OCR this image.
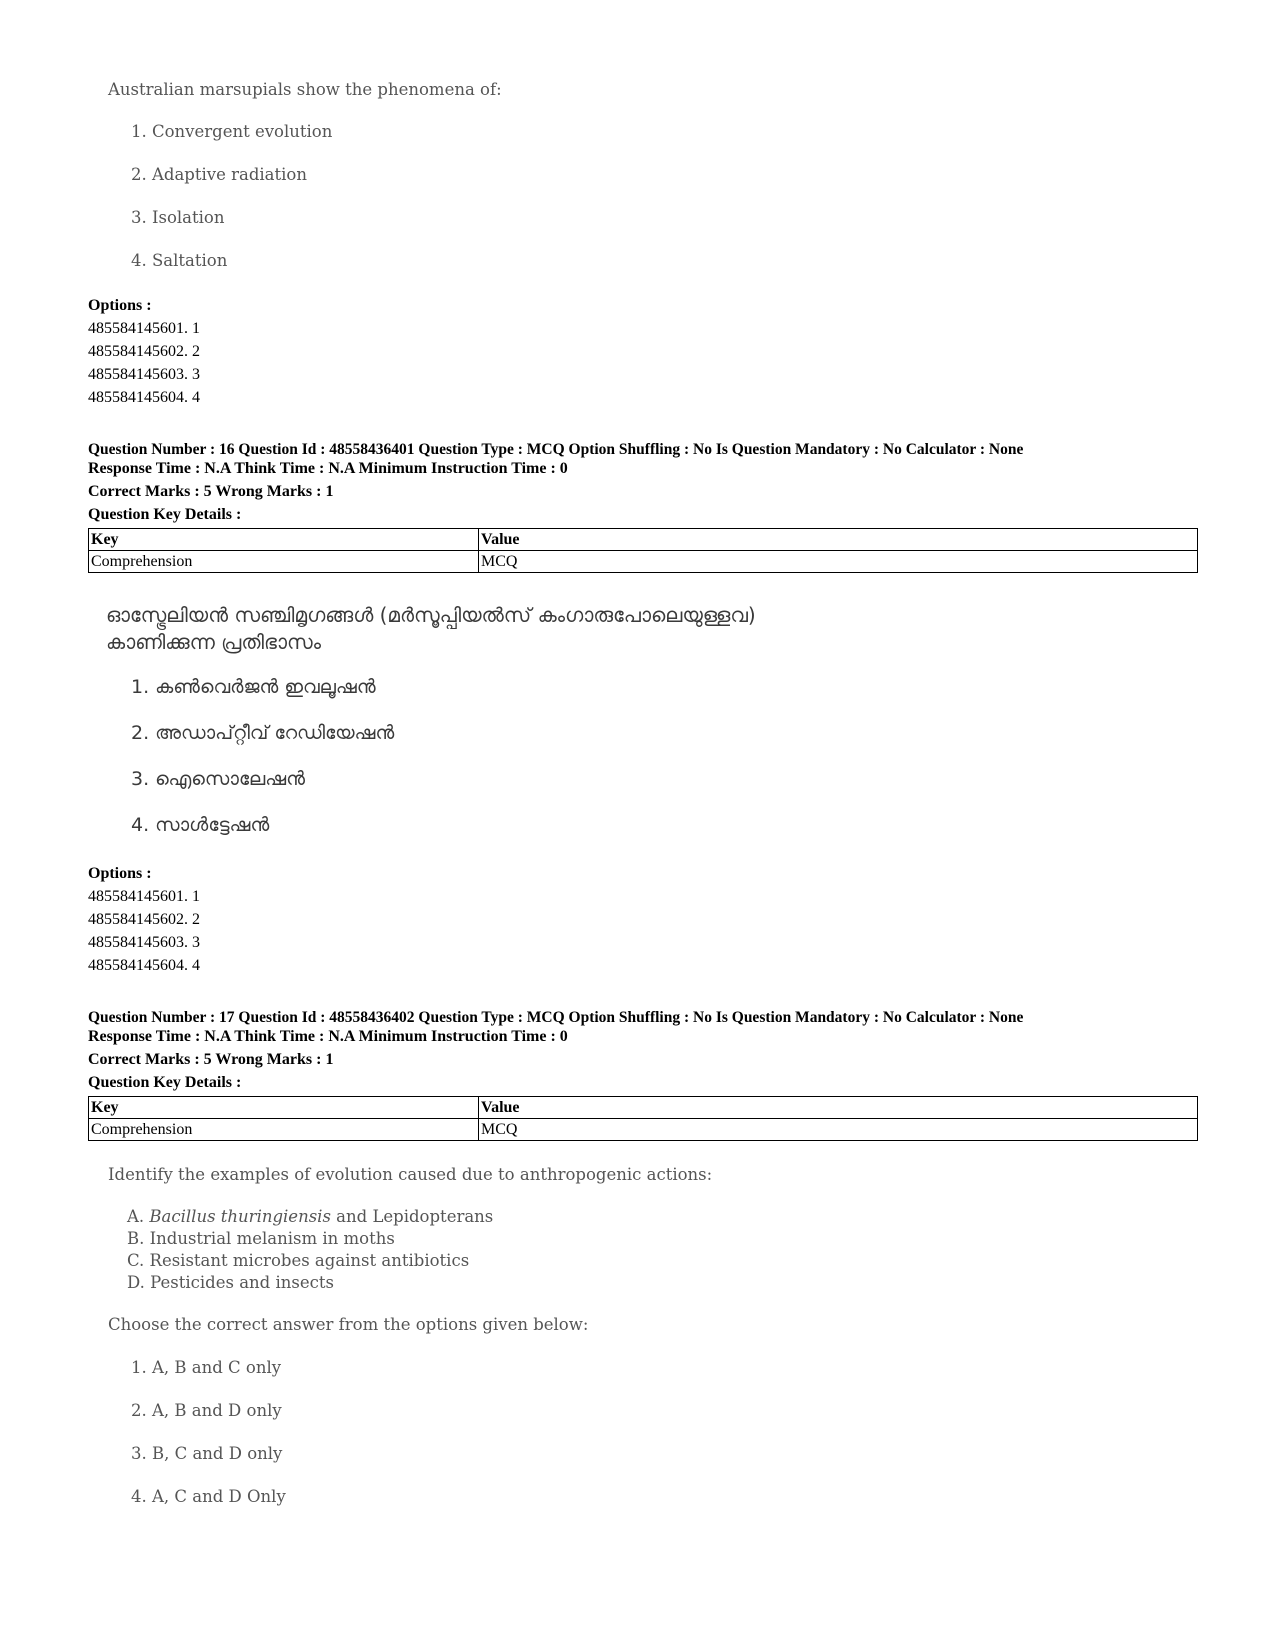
Australian marsupials show the phenomena of:
1. Convergent evolution
2. Adaptive radiation
3. Isolation
4. Saltation
Options :
485584145601. 1
485584145602. 2
485584145603. 3
485584145604. 4
Question Number : 16 Question Id : 48558436401 Question Type : MCQ Option Shuffling : No Is Question Mandatory : No Calculator : None
Response Time : N.A Think Time : N.A Minimum Instruction Time : 0
Correct Marks : 5 Wrong Marks : 1
Question Key Details :
Key	Value
Comprehension	MCQ
ഓസ്ട്രേലിയൻ സഞ്ചിമൃഗങ്ങൾ (മർസൂപ്പിയൽസ് കംഗാരുപോലെയുള്ളവ)
കാണിക്കുന്ന പ്രതിഭാസം
1. കൺവെർജൻ ഇവലൂഷൻ
2. അഡാപ്റ്റീവ് റേഡിയേഷൻ
3. ഐസൊലേഷൻ
4. സാൾട്ടേഷൻ
Options :
485584145601. 1
485584145602. 2
485584145603. 3
485584145604. 4
Question Number : 17 Question Id : 48558436402 Question Type : MCQ Option Shuffling : No Is Question Mandatory : No Calculator : None
Response Time : N.A Think Time : N.A Minimum Instruction Time : 0
Correct Marks : 5 Wrong Marks : 1
Question Key Details :
Key	Value
Comprehension	MCQ
Identify the examples of evolution caused due to anthropogenic actions:
A. Bacillus thuringiensis and Lepidopterans
B. Industrial melanism in moths
C. Resistant microbes against antibiotics
D. Pesticides and insects
Choose the correct answer from the options given below:
1. A, B and C only
2. A, B and D only
3. B, C and D only
4. A, C and D Only
